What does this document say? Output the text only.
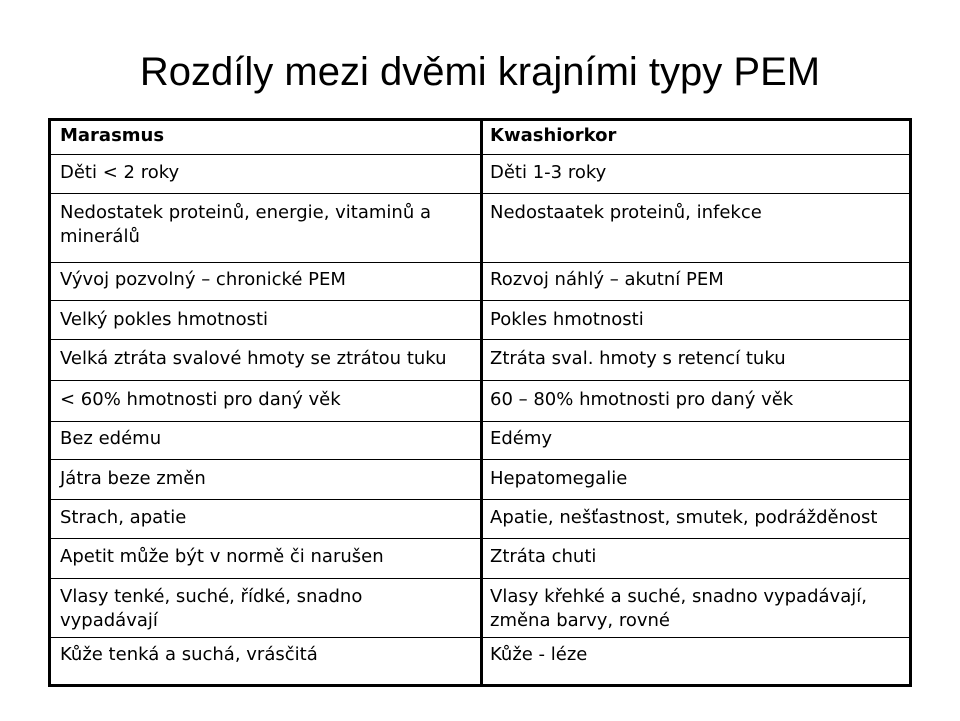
Rozdíly mezi dvěmi krajními typy PEM
Marasmus
Děti < 2 roky
Nedostatek proteinů, energie, vitaminů a
minerálů
Vývoj pozvolný – chronické PEM
Velký pokles hmotnosti
Velká ztráta svalové hmoty se ztrátou tuku
< 60% hmotnosti pro daný věk
Bez edému
Játra beze změn
Strach, apatie
Apetit může být v normě či narušen
Vlasy tenké, suché, řídké, snadno
vypadávají
Kůže tenká a suchá, vrásčitá
Kwashiorkor
Děti 1-3 roky
Nedostaatek proteinů, infekce
Rozvoj náhlý – akutní PEM
Pokles hmotnosti
Ztráta sval. hmoty s retencí tuku
60 – 80% hmotnosti pro daný věk
Edémy
Hepatomegalie
Apatie, nešťastnost, smutek, podrážděnost
Ztráta chuti
Vlasy křehké a suché, snadno vypadávají,
změna barvy, rovné
Kůže - léze
